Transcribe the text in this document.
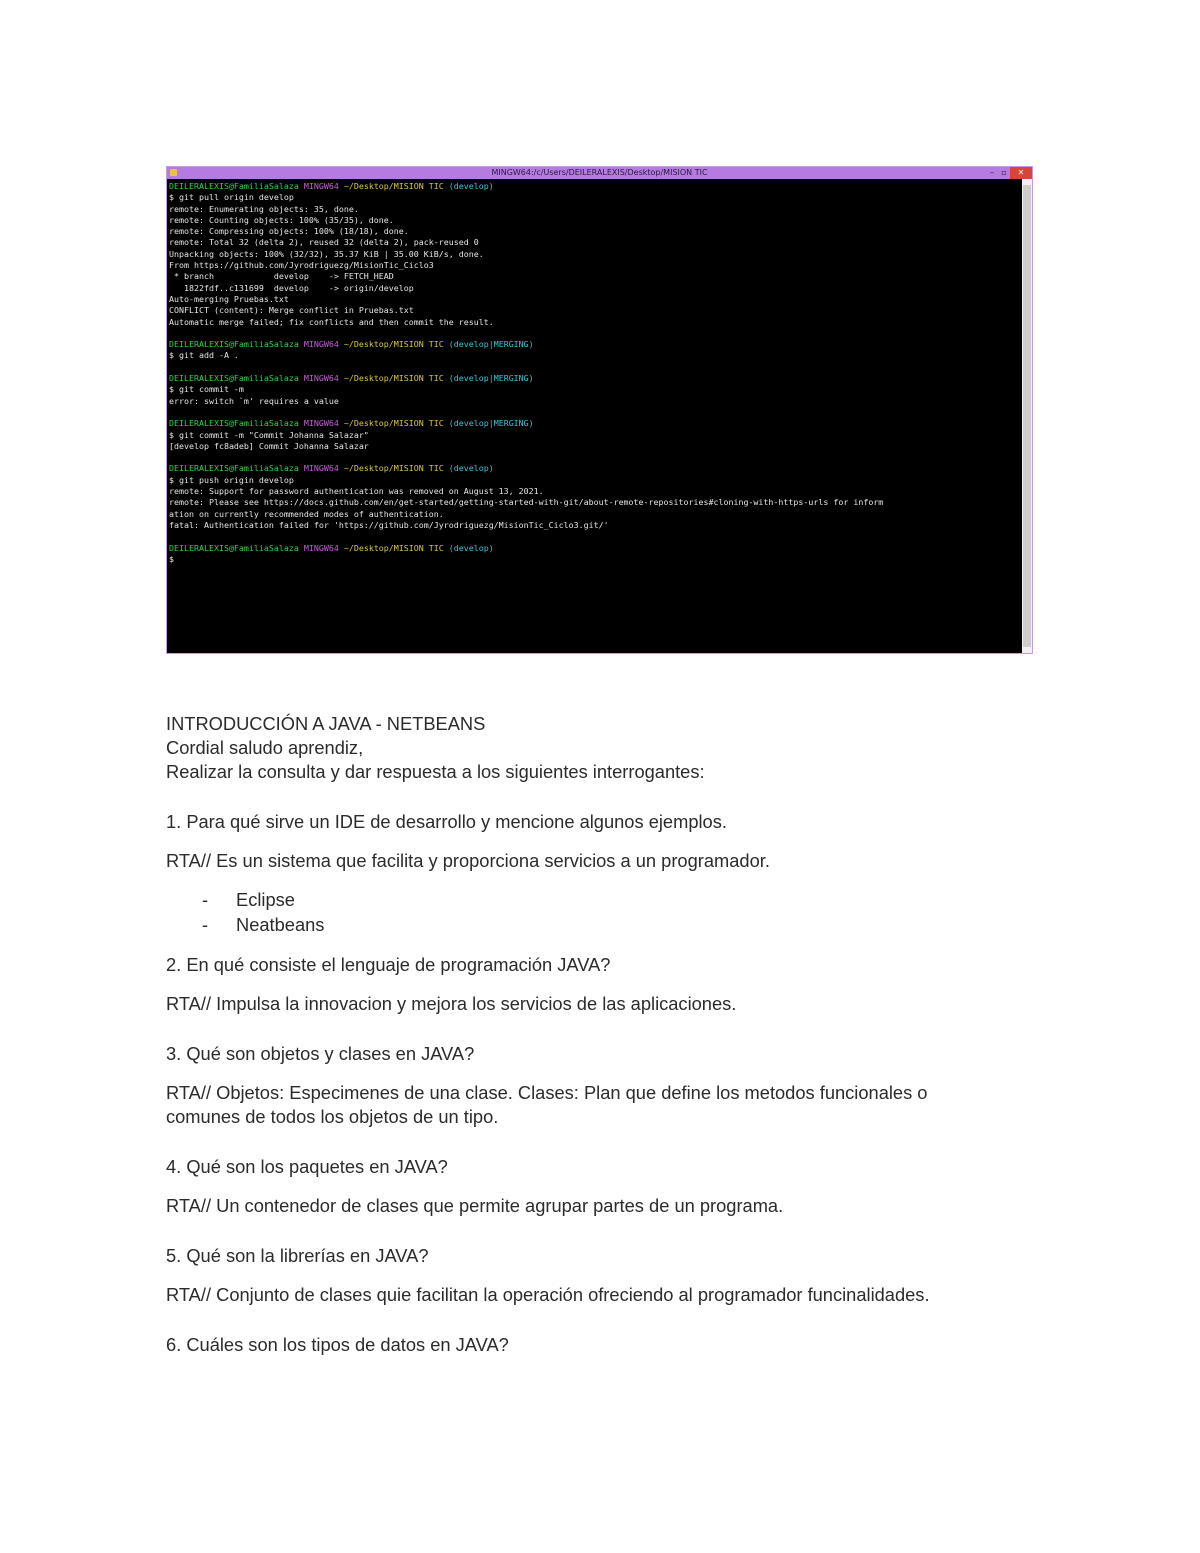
MINGW64:/c/Users/DEILERALEXIS/Desktop/MISION TIC	– ▫	✕
DEILERALEXIS@FamiliaSalaza MINGW64 ~/Desktop/MISION TIC (develop)
$ git pull origin develop
remote: Enumerating objects: 35, done.
remote: Counting objects: 100% (35/35), done.
remote: Compressing objects: 100% (18/18), done.
remote: Total 32 (delta 2), reused 32 (delta 2), pack-reused 0
Unpacking objects: 100% (32/32), 35.37 KiB | 35.00 KiB/s, done.
From https://github.com/Jyrodriguezg/MisionTic_Ciclo3
* branch            develop    -> FETCH_HEAD
1822fdf..c131699  develop    -> origin/develop
Auto-merging Pruebas.txt
CONFLICT (content): Merge conflict in Pruebas.txt
Automatic merge failed; fix conflicts and then commit the result.
DEILERALEXIS@FamiliaSalaza MINGW64 ~/Desktop/MISION TIC (develop|MERGING)
$ git add -A .
DEILERALEXIS@FamiliaSalaza MINGW64 ~/Desktop/MISION TIC (develop|MERGING)
$ git commit -m
error: switch `m' requires a value
DEILERALEXIS@FamiliaSalaza MINGW64 ~/Desktop/MISION TIC (develop|MERGING)
$ git commit -m "Commit Johanna Salazar"
[develop fc8adeb] Commit Johanna Salazar
DEILERALEXIS@FamiliaSalaza MINGW64 ~/Desktop/MISION TIC (develop)
$ git push origin develop
remote: Support for password authentication was removed on August 13, 2021.
remote: Please see https://docs.github.com/en/get-started/getting-started-with-git/about-remote-repositories#cloning-with-https-urls for inform
ation on currently recommended modes of authentication.
fatal: Authentication failed for 'https://github.com/Jyrodriguezg/MisionTic_Ciclo3.git/'
DEILERALEXIS@FamiliaSalaza MINGW64 ~/Desktop/MISION TIC (develop)
$

INTRODUCCIÓN A JAVA - NETBEANS

Cordial saludo aprendiz,

Realizar la consulta y dar respuesta a los siguientes interrogantes:

1. Para qué sirve un IDE de desarrollo y mencione algunos ejemplos.

RTA// Es un sistema que facilita y proporciona servicios a un programador.

- Eclipse
- Neatbeans

2. En qué consiste el lenguaje de programación JAVA?

RTA// Impulsa la innovacion y mejora los servicios de las aplicaciones.

3. Qué son objetos y clases en JAVA?

RTA// Objetos: Especimenes de una clase. Clases: Plan que define los metodos funcionales o

comunes de todos los objetos de un tipo.

4. Qué son los paquetes en JAVA?

RTA// Un contenedor de clases que permite agrupar partes de un programa.

5. Qué son la librerías en JAVA?

RTA// Conjunto de clases quie facilitan la operación ofreciendo al programador funcinalidades.

6. Cuáles son los tipos de datos en JAVA?
